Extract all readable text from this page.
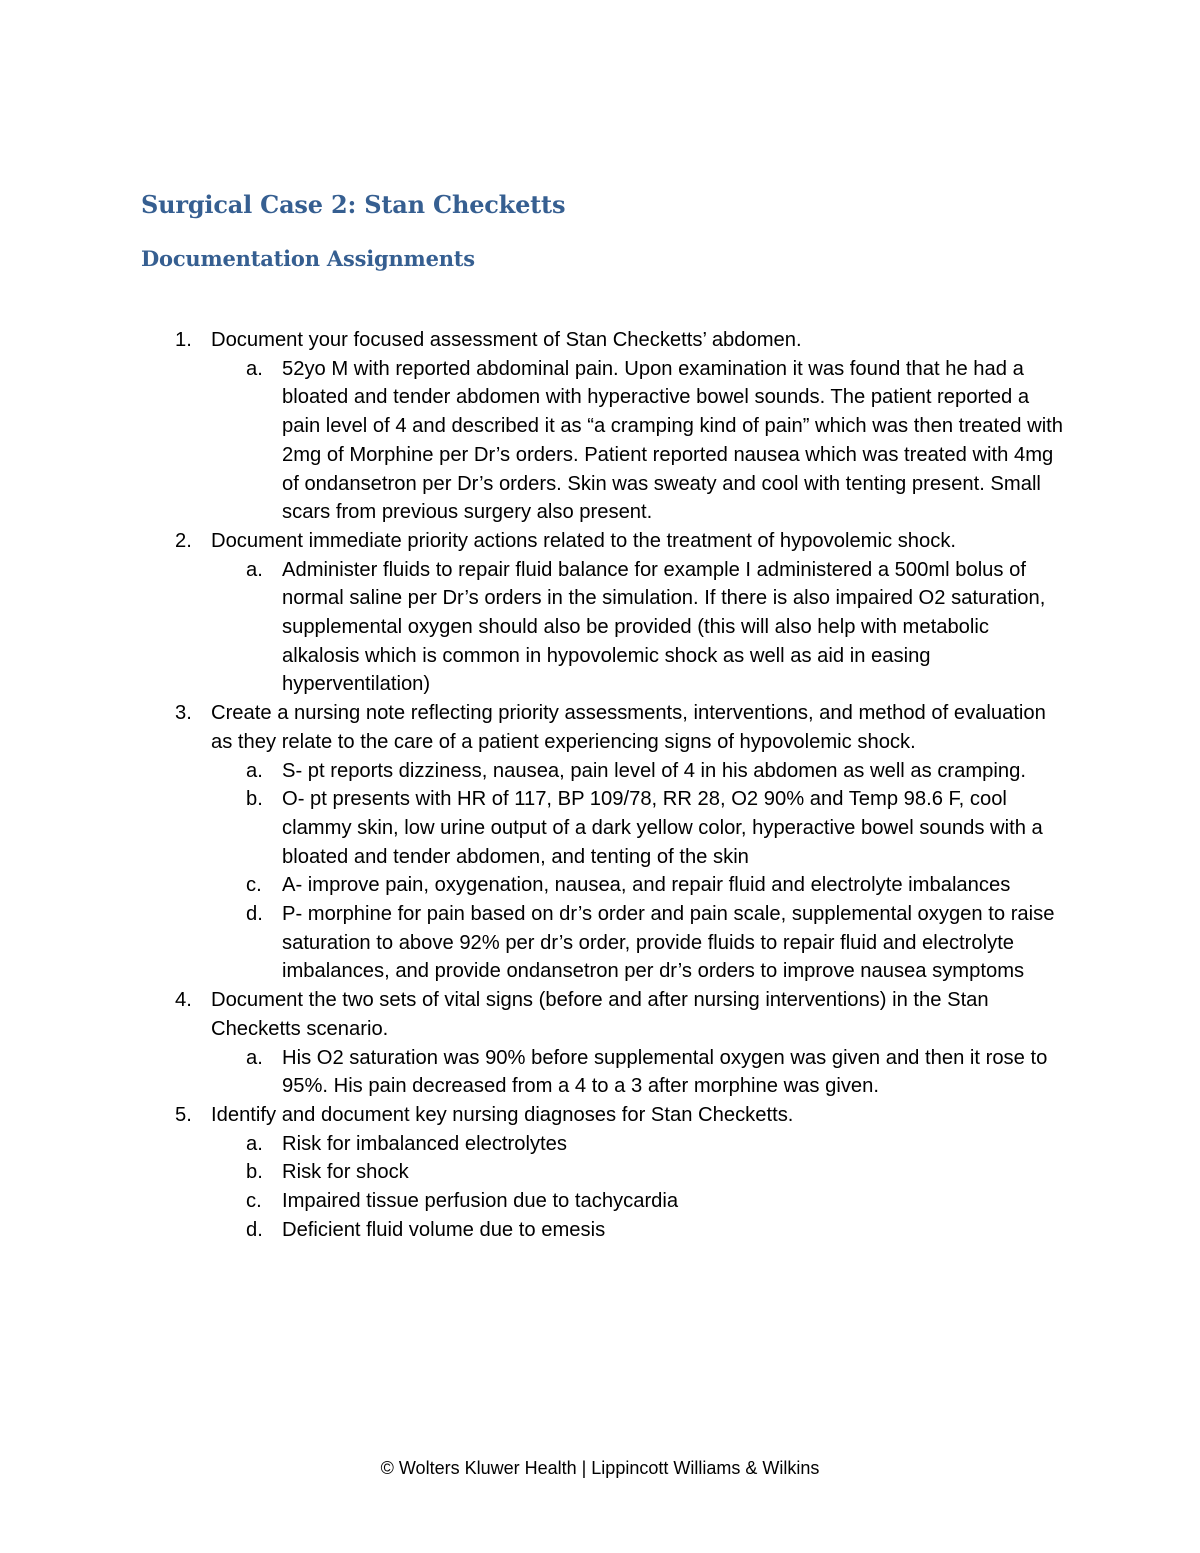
Surgical Case 2: Stan Checketts
Documentation Assignments
1. Document your focused assessment of Stan Checketts’ abdomen.
a. 52yo M with reported abdominal pain. Upon examination it was found that he had a bloated and tender abdomen with hyperactive bowel sounds. The patient reported a pain level of 4 and described it as “a cramping kind of pain” which was then treated with 2mg of Morphine per Dr’s orders. Patient reported nausea which was treated with 4mg of ondansetron per Dr’s orders. Skin was sweaty and cool with tenting present. Small scars from previous surgery also present.
2. Document immediate priority actions related to the treatment of hypovolemic shock.
a. Administer fluids to repair fluid balance for example I administered a 500ml bolus of normal saline per Dr’s orders in the simulation. If there is also impaired O2 saturation, supplemental oxygen should also be provided (this will also help with metabolic alkalosis which is common in hypovolemic shock as well as aid in easing hyperventilation)
3. Create a nursing note reflecting priority assessments, interventions, and method of evaluation as they relate to the care of a patient experiencing signs of hypovolemic shock.
a. S- pt reports dizziness, nausea, pain level of 4 in his abdomen as well as cramping.
b. O- pt presents with HR of 117, BP 109/78, RR 28, O2 90% and Temp 98.6 F, cool clammy skin, low urine output of a dark yellow color, hyperactive bowel sounds with a bloated and tender abdomen, and tenting of the skin
c. A- improve pain, oxygenation, nausea, and repair fluid and electrolyte imbalances
d. P- morphine for pain based on dr’s order and pain scale, supplemental oxygen to raise saturation to above 92% per dr’s order, provide fluids to repair fluid and electrolyte imbalances, and provide ondansetron per dr’s orders to improve nausea symptoms
4. Document the two sets of vital signs (before and after nursing interventions) in the Stan Checketts scenario.
a. His O2 saturation was 90% before supplemental oxygen was given and then it rose to 95%. His pain decreased from a 4 to a 3 after morphine was given.
5. Identify and document key nursing diagnoses for Stan Checketts.
a. Risk for imbalanced electrolytes
b. Risk for shock
c. Impaired tissue perfusion due to tachycardia
d. Deficient fluid volume due to emesis
© Wolters Kluwer Health | Lippincott Williams & Wilkins
